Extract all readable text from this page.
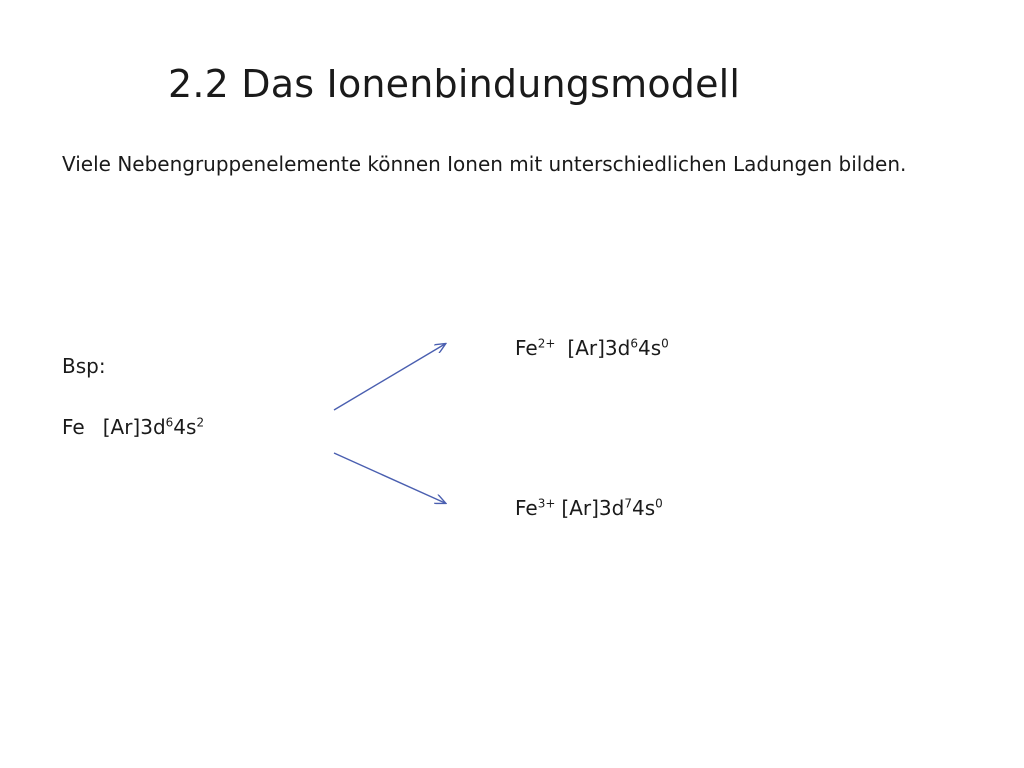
2.2 Das Ionenbindungsmodell
Viele Nebengruppenelemente können Ionen mit unterschiedlichen Ladungen bilden.
Bsp:
Fe $[Ar]3d^64s^2$
$Fe^{2+}$ $[Ar]3d^64s^0$
$Fe^{3+}$ $[Ar]3d^74s^0$
